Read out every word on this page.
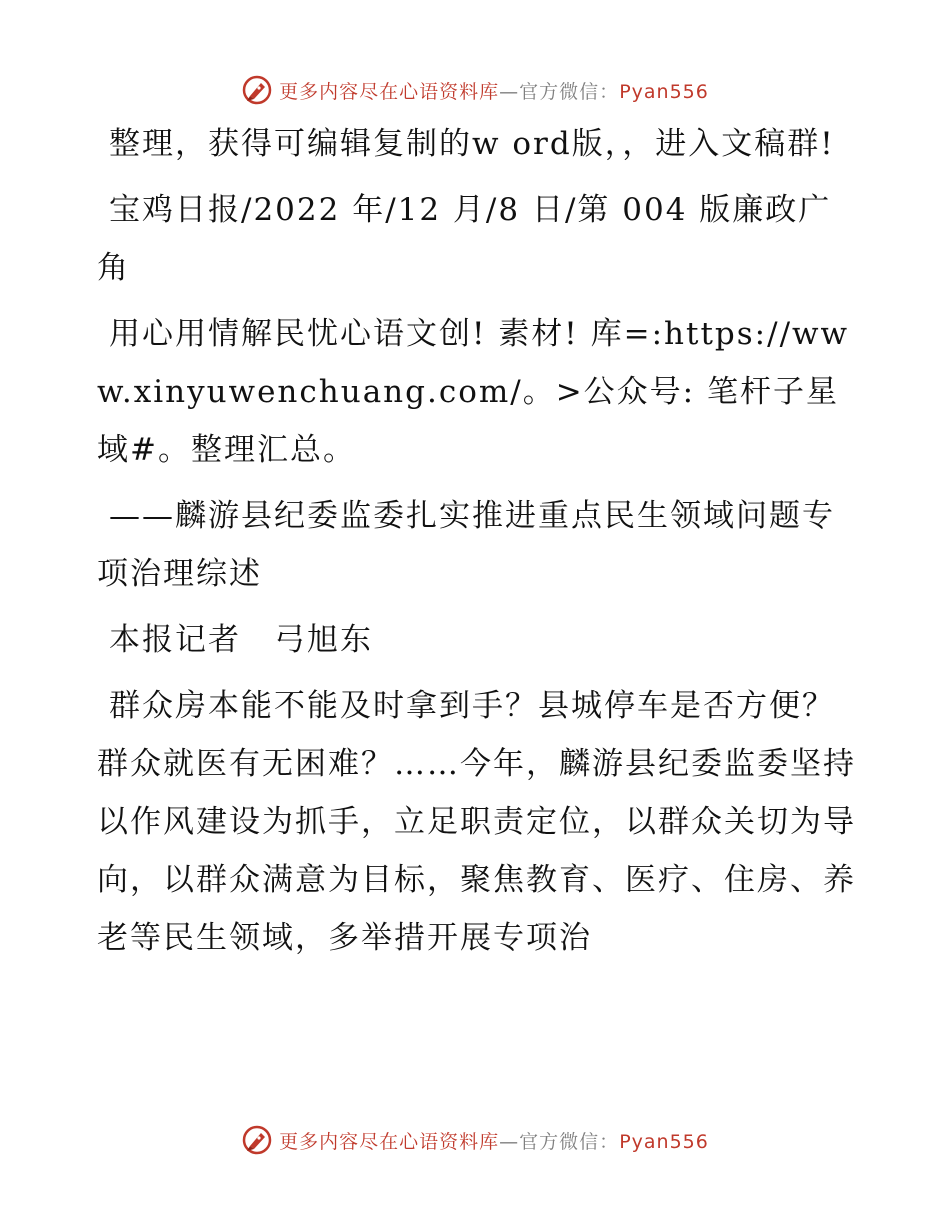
更多内容尽在心语资料库—官方微信：Pyan556

整理，获得可编辑复制的w ord版，，进入文稿群!

宝鸡日报/2022 年/12 月/8 日/第 004 版廉政广角

用心用情解民忧心语文创! 素材! 库=:https://www.xinyuwenchuang.com/。>公众号: 笔杆子星域#。整理汇总。

——麟游县纪委监委扎实推进重点民生领域问题专项治理综述

本报记者　弓旭东

群众房本能不能及时拿到手？县城停车是否方便？群众就医有无困难？……今年，麟游县纪委监委坚持以作风建设为抓手，立足职责定位，以群众关切为导向，以群众满意为目标，聚焦教育、医疗、住房、养老等民生领域，多举措开展专项治

更多内容尽在心语资料库—官方微信：Pyan556
